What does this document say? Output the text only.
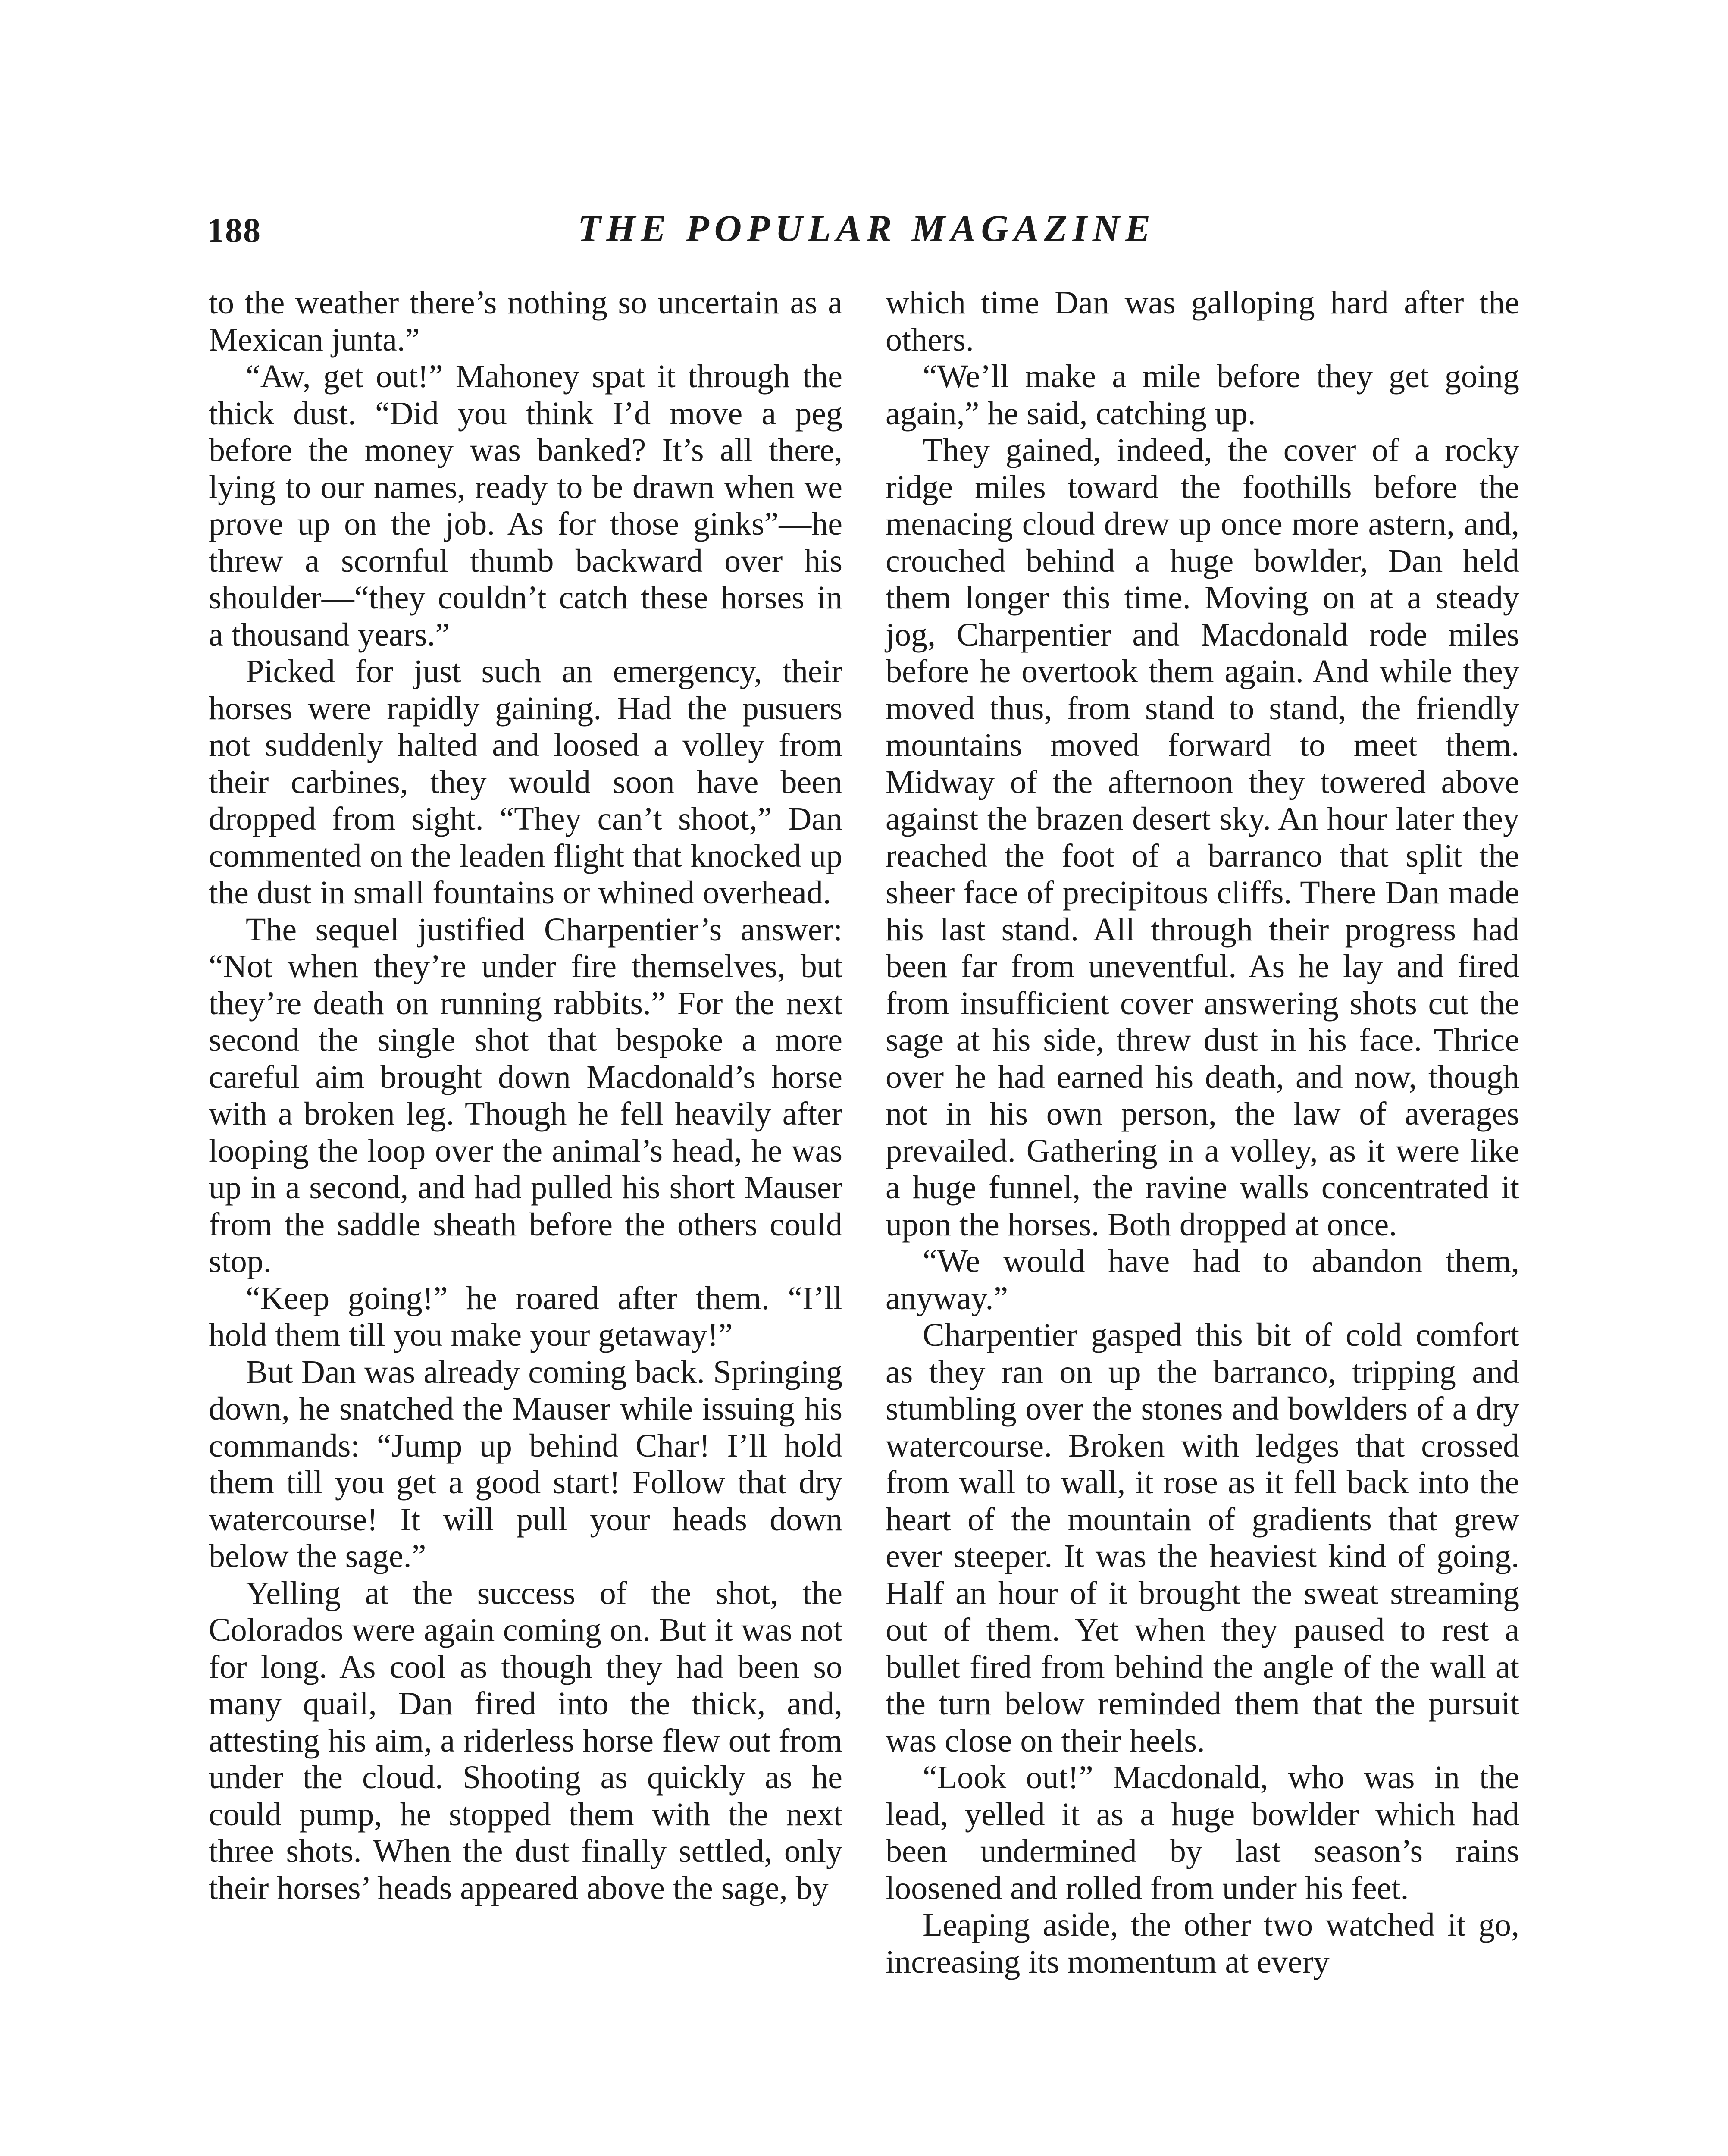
188	THE POPULAR MAGAZINE

to the weather there’s nothing so uncertain as a Mexican junta.”

“Aw, get out!” Mahoney spat it through the thick dust. “Did you think I’d move a peg before the money was banked? It’s all there, lying to our names, ready to be drawn when we prove up on the job. As for those ginks”—he threw a scornful thumb backward over his shoulder—“they couldn’t catch these horses in a thousand years.”

Picked for just such an emergency, their horses were rapidly gaining. Had the pusuers not suddenly halted and loosed a volley from their carbines, they would soon have been dropped from sight. “They can’t shoot,” Dan commented on the leaden flight that knocked up the dust in small fountains or whined overhead.

The sequel justified Charpentier’s answer: “Not when they’re under fire themselves, but they’re death on running rabbits.” For the next second the single shot that bespoke a more careful aim brought down Macdonald’s horse with a broken leg. Though he fell heavily after looping the loop over the animal’s head, he was up in a second, and had pulled his short Mauser from the saddle sheath before the others could stop.

“Keep going!” he roared after them. “I’ll hold them till you make your getaway!”

But Dan was already coming back. Springing down, he snatched the Mauser while issuing his commands: “Jump up behind Char! I’ll hold them till you get a good start! Follow that dry watercourse! It will pull your heads down below the sage.”

Yelling at the success of the shot, the Colorados were again coming on. But it was not for long. As cool as though they had been so many quail, Dan fired into the thick, and, attesting his aim, a riderless horse flew out from under the cloud. Shooting as quickly as he could pump, he stopped them with the next three shots. When the dust finally settled, only their horses’ heads appeared above the sage, by

which time Dan was galloping hard after the others.

“We’ll make a mile before they get going again,” he said, catching up.

They gained, indeed, the cover of a rocky ridge miles toward the foothills before the menacing cloud drew up once more astern, and, crouched behind a huge bowlder, Dan held them longer this time. Moving on at a steady jog, Charpentier and Macdonald rode miles before he overtook them again. And while they moved thus, from stand to stand, the friendly mountains moved forward to meet them. Midway of the afternoon they towered above against the brazen desert sky. An hour later they reached the foot of a barranco that split the sheer face of precipitous cliffs. There Dan made his last stand. All through their progress had been far from uneventful. As he lay and fired from insufficient cover answering shots cut the sage at his side, threw dust in his face. Thrice over he had earned his death, and now, though not in his own person, the law of averages prevailed. Gathering in a volley, as it were like a huge funnel, the ravine walls concentrated it upon the horses. Both dropped at once.

“We would have had to abandon them, anyway.”

Charpentier gasped this bit of cold comfort as they ran on up the barranco, tripping and stumbling over the stones and bowlders of a dry watercourse. Broken with ledges that crossed from wall to wall, it rose as it fell back into the heart of the mountain of gradients that grew ever steeper. It was the heaviest kind of going. Half an hour of it brought the sweat streaming out of them. Yet when they paused to rest a bullet fired from behind the angle of the wall at the turn below reminded them that the pursuit was close on their heels.

“Look out!” Macdonald, who was in the lead, yelled it as a huge bowlder which had been undermined by last season’s rains loosened and rolled from under his feet.

Leaping aside, the other two watched it go, increasing its momentum at every
